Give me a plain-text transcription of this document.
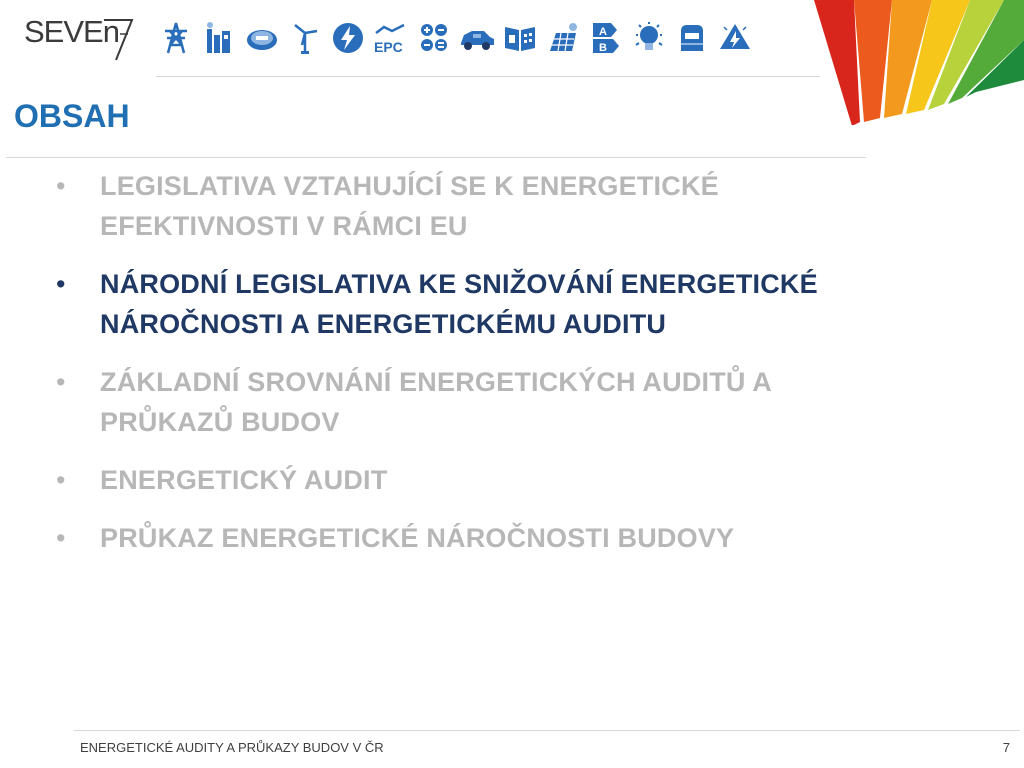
SEVEn	EPC
A
B
OBSAH
• LEGISLATIVA VZTAHUJÍCÍ SE K ENERGETICKÉ EFEKTIVNOSTI V RÁMCI EU
• NÁRODNÍ LEGISLATIVA KE SNIŽOVÁNÍ ENERGETICKÉ NÁROČNOSTI A ENERGETICKÉMU AUDITU
• ZÁKLADNÍ SROVNÁNÍ ENERGETICKÝCH AUDITŮ A PRŮKAZŮ BUDOV
• ENERGETICKÝ AUDIT
• PRŮKAZ ENERGETICKÉ NÁROČNOSTI BUDOVY
ENERGETICKÉ AUDITY A PRŮKAZY BUDOV V ČR	7
